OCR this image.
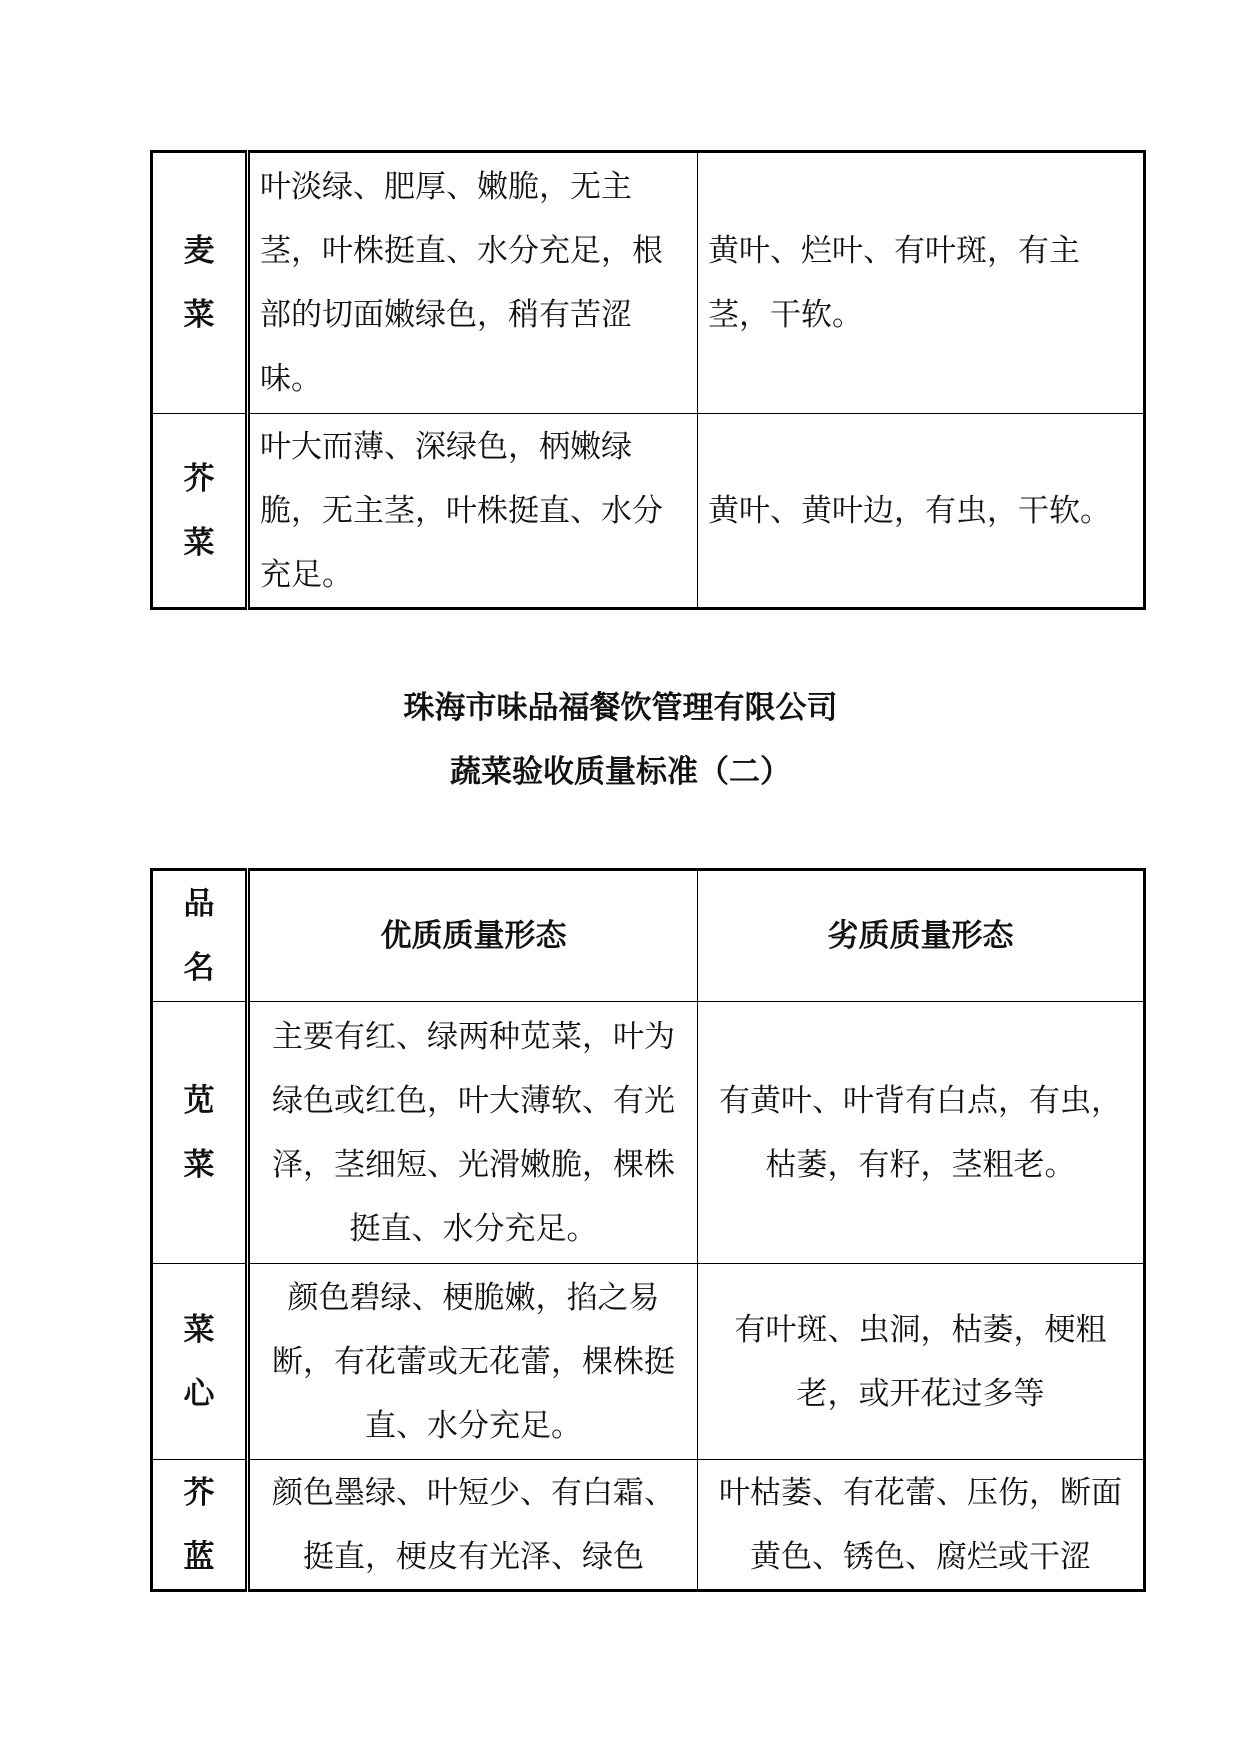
麦
菜	叶淡绿、肥厚、嫩脆，无主茎，叶株挺直、水分充足，根部的切面嫩绿色，稍有苦涩味。	黄叶、烂叶、有叶斑，有主茎，干软。

芥
菜	叶大而薄、深绿色，柄嫩绿脆，无主茎，叶株挺直、水分充足。	黄叶、黄叶边，有虫，干软。
珠海市味品福餐饮管理有限公司
蔬菜验收质量标准（二）
品
名	优质质量形态	劣质质量形态

苋
菜	主要有红、绿两种苋菜，叶为绿色或红色，叶大薄软、有光泽，茎细短、光滑嫩脆，棵株挺直、水分充足。	有黄叶、叶背有白点，有虫，枯萎，有籽，茎粗老。

菜
心	颜色碧绿、梗脆嫩，掐之易断，有花蕾或无花蕾，棵株挺直、水分充足。	有叶斑、虫洞，枯萎，梗粗老，或开花过多等

芥
蓝	颜色墨绿、叶短少、有白霜、挺直，梗皮有光泽、绿色	叶枯萎、有花蕾、压伤，断面黄色、锈色、腐烂或干涩
